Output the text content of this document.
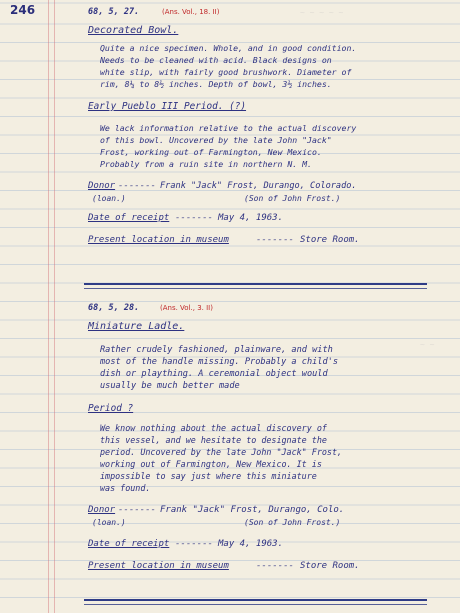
~ ~ ~ ~ ~
~ ~
246	68, 5, 27.	(Ans. Vol., 18. II)
Decorated Bowl.
Quite a nice specimen. Whole, and in good condition.
Needs to be cleaned with acid. Black designs on
white slip, with fairly good brushwork. Diameter of
rim, 8¼ to 8½ inches. Depth of bowl, 3½ inches.
Early Pueblo III Period. (?)
We lack information relative to the actual discovery
of this bowl. Uncovered by the late John "Jack"
Frost, working out of Farmington, New Mexico.
Probably from a ruin site in northern N. M.
Donor ------- Frank "Jack" Frost, Durango, Colorado.
(loan.)	(Son of John Frost.)
Date of receipt ------- May 4, 1963.
Present location in museum	------- Store Room.
68, 5, 28.	(Ans. Vol., 3. II)
Miniature Ladle.
Rather crudely fashioned, plainware, and with
most of the handle missing. Probably a child's
dish or plaything. A ceremonial object would
usually be much better made
Period ?
We know nothing about the actual discovery of
this vessel, and we hesitate to designate the
period. Uncovered by the late John "Jack" Frost,
working out of Farmington, New Mexico. It is
impossible to say just where this miniature
was found.
Donor ------- Frank "Jack" Frost, Durango, Colo.
(loan.)	(Son of John Frost.)
Date of receipt ------- May 4, 1963.
Present location in museum	------- Store Room.
